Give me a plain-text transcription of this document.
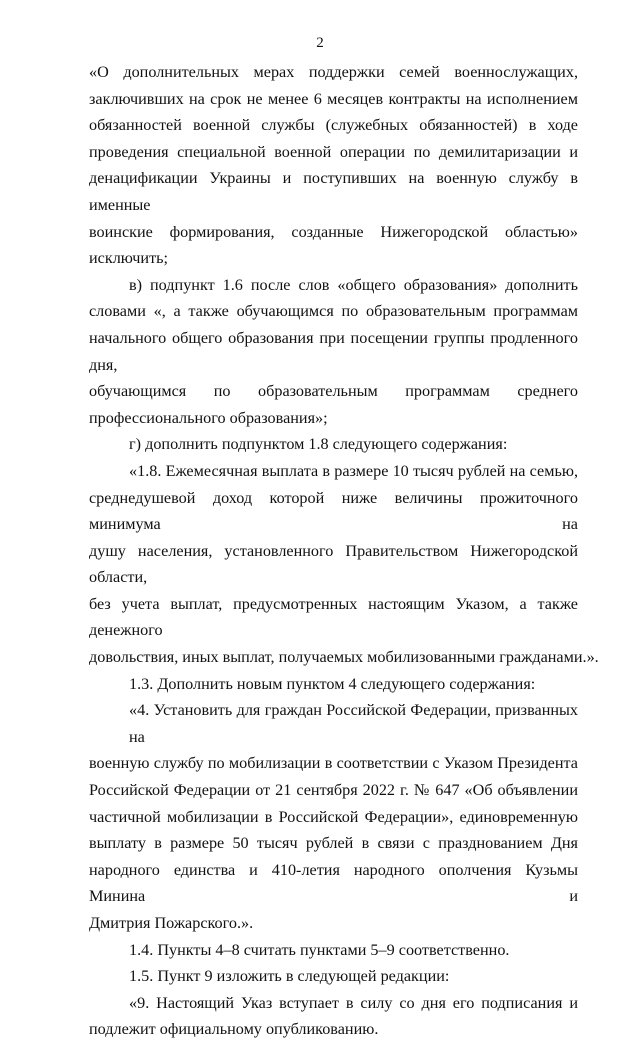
2
«О дополнительных мерах поддержки семей военнослужащих,
заключивших на срок не менее 6 месяцев контракты на исполнением
обязанностей военной службы (служебных обязанностей) в ходе
проведения специальной военной операции по демилитаризации и
денацификации Украины и поступивших на военную службу в именные
воинские формирования, созданные Нижегородской областью»
исключить;
в) подпункт 1.6 после слов «общего образования» дополнить
словами «, а также обучающимся по образовательным программам
начального общего образования при посещении группы продленного дня,
обучающимся по образовательным программам среднего
профессионального образования»;
г) дополнить подпунктом 1.8 следующего содержания:
«1.8. Ежемесячная выплата в размере 10 тысяч рублей на семью,
среднедушевой доход которой ниже величины прожиточного минимума на
душу населения, установленного Правительством Нижегородской области,
без учета выплат, предусмотренных настоящим Указом, а также денежного
довольствия, иных выплат, получаемых мобилизованными гражданами.».
1.3. Дополнить новым пунктом 4 следующего содержания:
«4. Установить для граждан Российской Федерации, призванных на
военную службу по мобилизации в соответствии с Указом Президента
Российской Федерации от 21 сентября 2022 г. № 647 «Об объявлении
частичной мобилизации в Российской Федерации», единовременную
выплату в размере 50 тысяч рублей в связи с празднованием Дня
народного единства и 410-летия народного ополчения Кузьмы Минина и
Дмитрия Пожарского.».
1.4. Пункты 4–8 считать пунктами 5–9 соответственно.
1.5. Пункт 9 изложить в следующей редакции:
«9. Настоящий Указ вступает в силу со дня его подписания и
подлежит официальному опубликованию.
